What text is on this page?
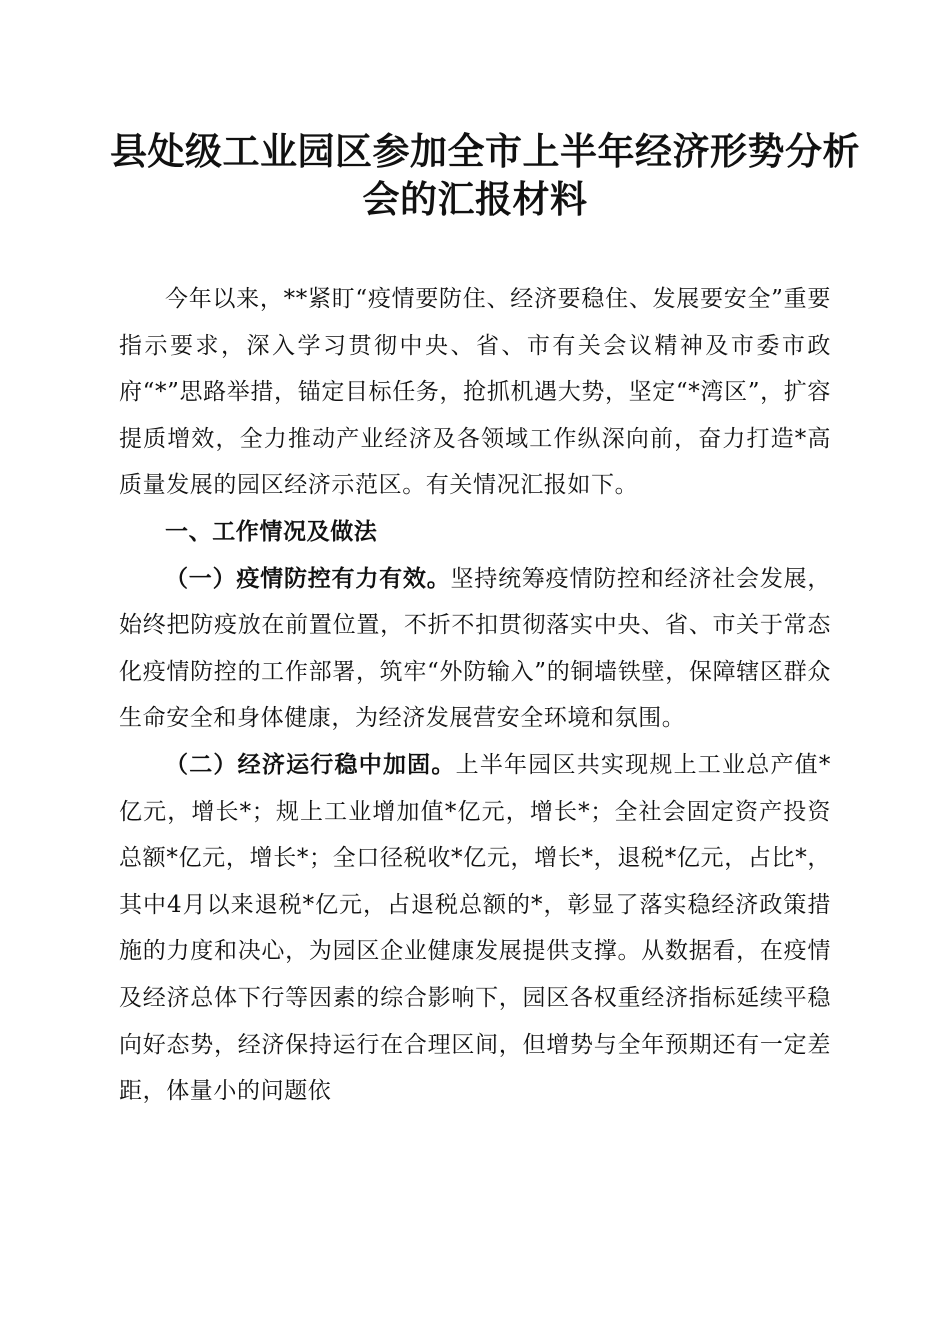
县处级工业园区参加全市上半年经济形势分析
会的汇报材料

今年以来，**紧盯“疫情要防住、经济要稳住、发展要安全”重要指示要求，深入学习贯彻中央、省、市有关会议精神及市委市政府“*”思路举措，锚定目标任务，抢抓机遇大势，坚定“*湾区”，扩容提质增效，全力推动产业经济及各领域工作纵深向前，奋力打造*高质量发展的园区经济示范区。有关情况汇报如下。

一、工作情况及做法

（一）疫情防控有力有效。坚持统筹疫情防控和经济社会发展，始终把防疫放在前置位置，不折不扣贯彻落实中央、省、市关于常态化疫情防控的工作部署，筑牢“外防输入”的铜墙铁壁，保障辖区群众生命安全和身体健康，为经济发展营安全环境和氛围。

（二）经济运行稳中加固。上半年园区共实现规上工业总产值*亿元，增长*；规上工业增加值*亿元，增长*；全社会固定资产投资总额*亿元，增长*；全口径税收*亿元，增长*，退税*亿元，占比*，其中4月以来退税*亿元，占退税总额的*，彰显了落实稳经济政策措施的力度和决心，为园区企业健康发展提供支撑。从数据看，在疫情及经济总体下行等因素的综合影响下，园区各权重经济指标延续平稳向好态势，经济保持运行在合理区间，但增势与全年预期还有一定差距，体量小的问题依
